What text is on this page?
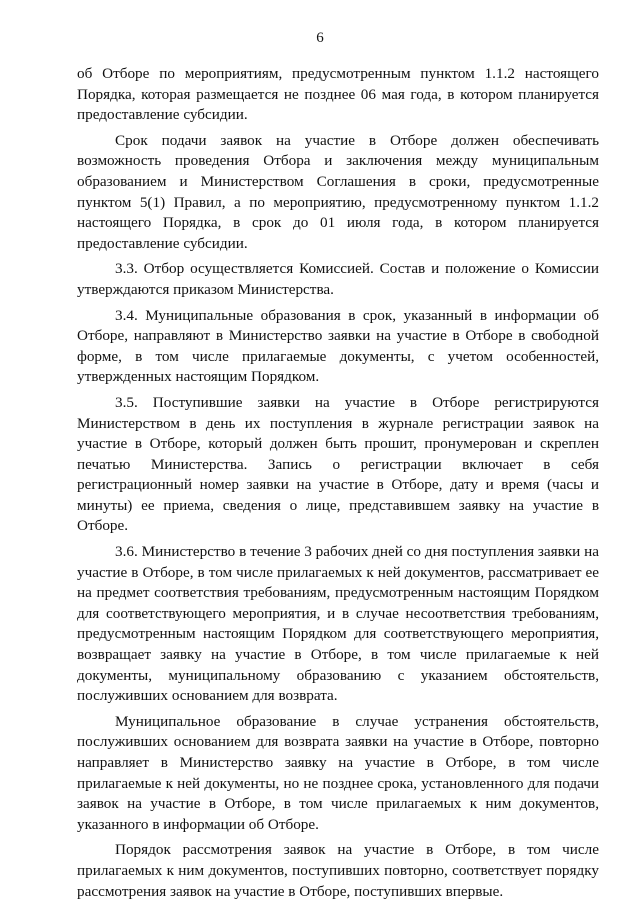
6

об Отборе по мероприятиям, предусмотренным пунктом 1.1.2 настоящего Порядка, которая размещается не позднее 06 мая года, в котором планируется предоставление субсидии.

Срок подачи заявок на участие в Отборе должен обеспечивать возможность проведения Отбора и заключения между муниципальным образованием и Министерством Соглашения в сроки, предусмотренные пунктом 5(1) Правил, а по мероприятию, предусмотренному пунктом 1.1.2 настоящего Порядка, в срок до 01 июля года, в котором планируется предоставление субсидии.

3.3. Отбор осуществляется Комиссией. Состав и положение о Комиссии утверждаются приказом Министерства.

3.4. Муниципальные образования в срок, указанный в информации об Отборе, направляют в Министерство заявки на участие в Отборе в свободной форме, в том числе прилагаемые документы, с учетом особенностей, утвержденных настоящим Порядком.

3.5. Поступившие заявки на участие в Отборе регистрируются Министерством в день их поступления в журнале регистрации заявок на участие в Отборе, который должен быть прошит, пронумерован и скреплен печатью Министерства. Запись о регистрации включает в себя регистрационный номер заявки на участие в Отборе, дату и время (часы и минуты) ее приема, сведения о лице, представившем заявку на участие в Отборе.

3.6. Министерство в течение 3 рабочих дней со дня поступления заявки на участие в Отборе, в том числе прилагаемых к ней документов, рассматривает ее на предмет соответствия требованиям, предусмотренным настоящим Порядком для соответствующего мероприятия, и в случае несоответствия требованиям, предусмотренным настоящим Порядком для соответствующего мероприятия, возвращает заявку на участие в Отборе, в том числе прилагаемые к ней документы, муниципальному образованию с указанием обстоятельств, послуживших основанием для возврата.

Муниципальное образование в случае устранения обстоятельств, послуживших основанием для возврата заявки на участие в Отборе, повторно направляет в Министерство заявку на участие в Отборе, в том числе прилагаемые к ней документы, но не позднее срока, установленного для подачи заявок на участие в Отборе, в том числе прилагаемых к ним документов, указанного в информации об Отборе.

Порядок рассмотрения заявок на участие в Отборе, в том числе прилагаемых к ним документов, поступивших повторно, соответствует порядку рассмотрения заявок на участие в Отборе, поступивших впервые.
